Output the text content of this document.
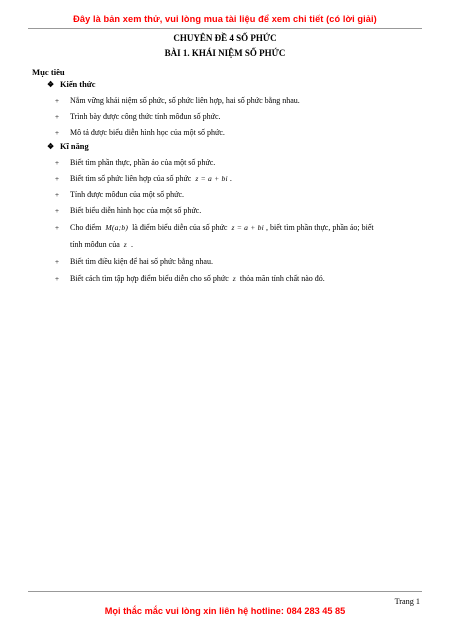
Đây là bản xem thử, vui lòng mua tài liệu để xem chi tiết (có lời giải)
CHUYÊN ĐỀ 4 SỐ PHỨC
BÀI 1. KHÁI NIỆM SỐ PHỨC
Mục tiêu
❖ Kiến thức
+ Nắm vững khái niệm số phức, số phức liên hợp, hai số phức bằng nhau.
+ Trình bày được công thức tính môđun số phức.
+ Mô tả được biểu diễn hình học của một số phức.
❖ Kĩ năng
+ Biết tìm phần thực, phần ảo của một số phức.
+ Biết tìm số phức liên hợp của số phức z = a + bi .
+ Tính được môđun của một số phức.
+ Biết biểu diễn hình học của một số phức.
+ Cho điểm M(a;b) là điểm biểu diễn của số phức z = a + bi , biết tìm phần thực, phần ảo; biết
tính môđun của z .
+ Biết tìm điều kiện để hai số phức bằng nhau.
+ Biết cách tìm tập hợp điểm biểu diễn cho số phức z thỏa mãn tính chất nào đó.
Trang 1
Mọi thắc mắc vui lòng xin liên hệ hotline: 084 283 45 85
